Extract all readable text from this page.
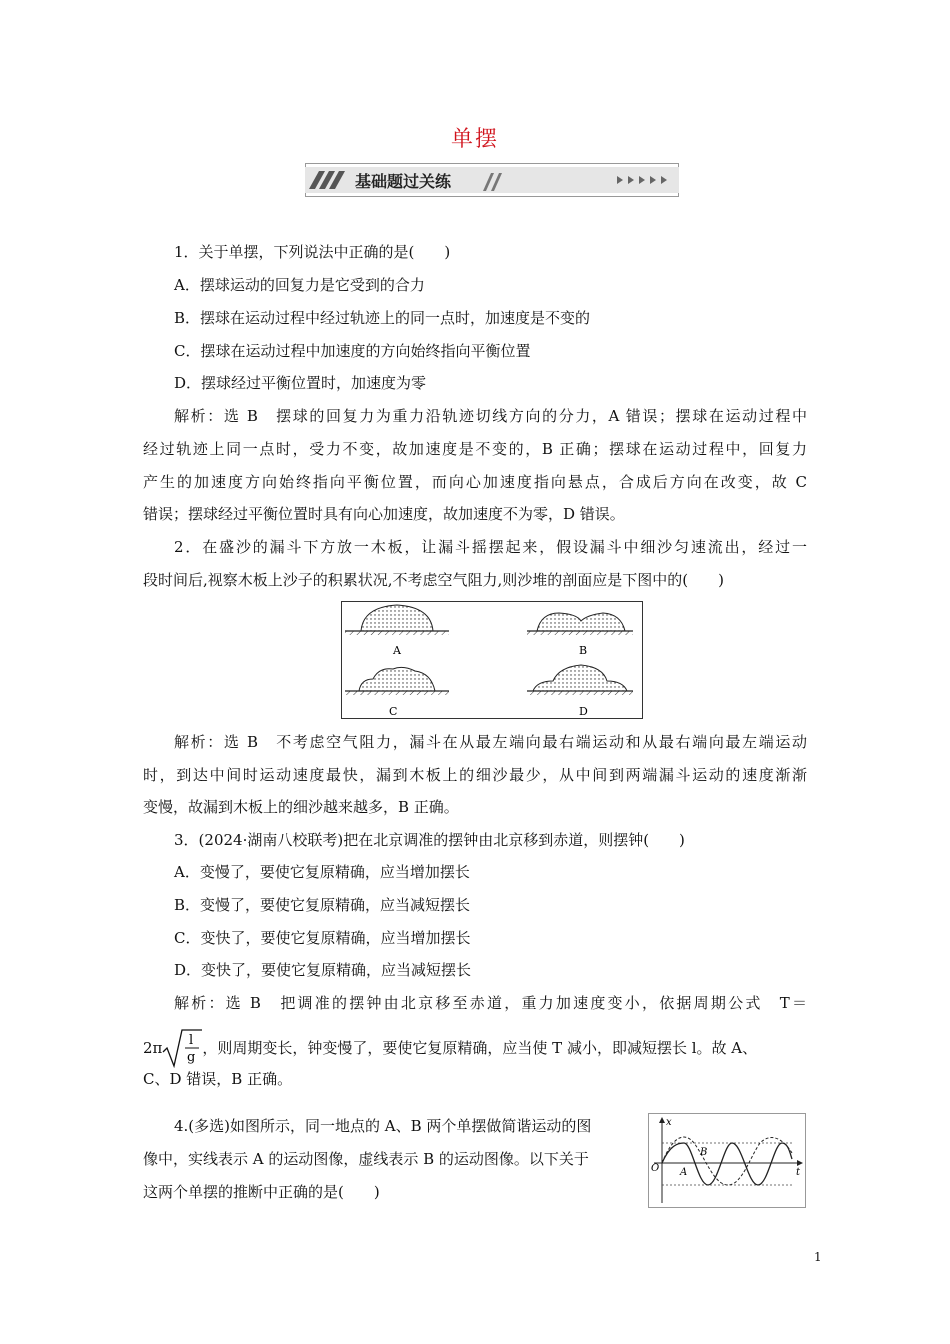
单摆
基础题过关练

1．关于单摆，下列说法中正确的是(　　)

A．摆球运动的回复力是它受到的合力

B．摆球在运动过程中经过轨迹上的同一点时，加速度是不变的

C．摆球在运动过程中加速度的方向始终指向平衡位置

D．摆球经过平衡位置时，加速度为零

解析：选 B　摆球的回复力为重力沿轨迹切线方向的分力，A 错误；摆球在运动过程中

经过轨迹上同一点时，受力不变，故加速度是不变的，B 正确；摆球在运动过程中，回复力

产生的加速度方向始终指向平衡位置，而向心加速度指向悬点，合成后方向在改变，故 C

错误；摆球经过平衡位置时具有向心加速度，故加速度不为零，D 错误。

2．在盛沙的漏斗下方放一木板，让漏斗摇摆起来，假设漏斗中细沙匀速流出，经过一

段时间后,视察木板上沙子的积累状况,不考虑空气阻力,则沙堆的剖面应是下图中的(　　)

A	B
C	D

解析：选 B　不考虑空气阻力，漏斗在从最左端向最右端运动和从最右端向最左端运动

时，到达中间时运动速度最快，漏到木板上的细沙最少，从中间到两端漏斗运动的速度渐渐

变慢，故漏到木板上的细沙越来越多，B 正确。

3．(2024·湖南八校联考)把在北京调准的摆钟由北京移到赤道，则摆钟(　　)

A．变慢了，要使它复原精确，应当增加摆长

B．变慢了，要使它复原精确，应当减短摆长

C．变快了，要使它复原精确，应当增加摆长

D．变快了，要使它复原精确，应当减短摆长

解析：选 B　把调准的摆钟由北京移至赤道，重力加速度变小，依据周期公式　T＝

2π l
g
，则周期变长，钟变慢了，要使它复原精确，应当使 T 减小，即减短摆长 l。故 A、

C、D 错误，B 正确。

4.(多选)如图所示，同一地点的 A、B 两个单摆做简谐运动的图

像中，实线表示 A 的运动图像，虚线表示 B 的运动图像。以下关于

这两个单摆的推断中正确的是(　　)

x
t
O A
B
1
